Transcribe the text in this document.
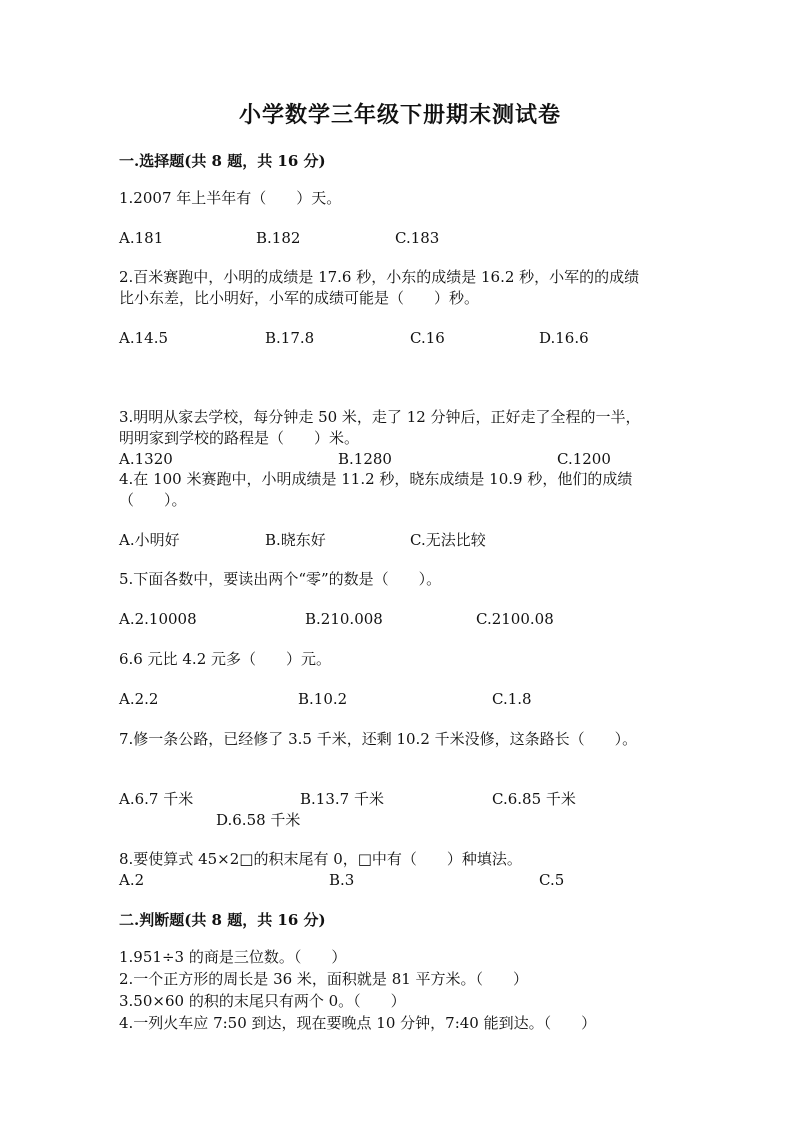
小学数学三年级下册期末测试卷
一.选择题(共 8 题，共 16 分)
1.2007 年上半年有（　　）天。
A.181	B.182	C.183
2.百米赛跑中，小明的成绩是 17.6 秒，小东的成绩是 16.2 秒，小军的的成绩
比小东差，比小明好，小军的成绩可能是（　　）秒。
A.14.5	B.17.8	C.16	D.16.6
3.明明从家去学校，每分钟走 50 米，走了 12 分钟后，正好走了全程的一半，
明明家到学校的路程是（　　）米。
A.1320	B.1280	C.1200
4.在 100 米赛跑中，小明成绩是 11.2 秒，晓东成绩是 10.9 秒，他们的成绩
（　　）。
A.小明好	B.晓东好	C.无法比较
5.下面各数中，要读出两个“零”的数是（　　）。
A.2.10008	B.210.008	C.2100.08
6.6 元比 4.2 元多（　　）元。
A.2.2	B.10.2	C.1.8
7.修一条公路，已经修了 3.5 千米，还剩 10.2 千米没修，这条路长（　　）。
A.6.7 千米	B.13.7 千米	C.6.85 千米
D.6.58 千米
8.要使算式 45×2□的积末尾有 0，□中有（　　）种填法。
A.2	B.3	C.5
二.判断题(共 8 题，共 16 分)
1.951÷3 的商是三位数。（　　）
2.一个正方形的周长是 36 米，面积就是 81 平方米。（　　）
3.50×60 的积的末尾只有两个 0。（　　）
4.一列火车应 7:50 到达，现在要晚点 10 分钟，7:40 能到达。（　　）
